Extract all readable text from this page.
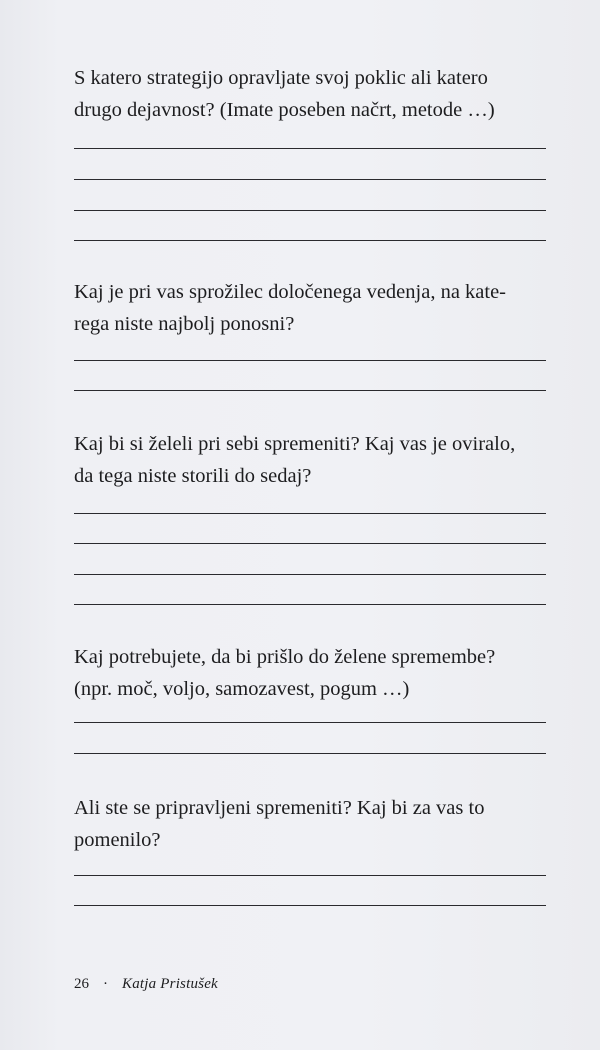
S katero strategijo opravljate svoj poklic ali katero
drugo dejavnost? (Imate poseben načrt, metode …)

Kaj je pri vas sprožilec določenega vedenja, na kate-
rega niste najbolj ponosni?

Kaj bi si želeli pri sebi spremeniti? Kaj vas je oviralo,
da tega niste storili do sedaj?

Kaj potrebujete, da bi prišlo do želene spremembe?
(npr. moč, voljo, samozavest, pogum …)

Ali ste se pripravljeni spremeniti? Kaj bi za vas to
pomenilo?

26 · Katja Pristušek
